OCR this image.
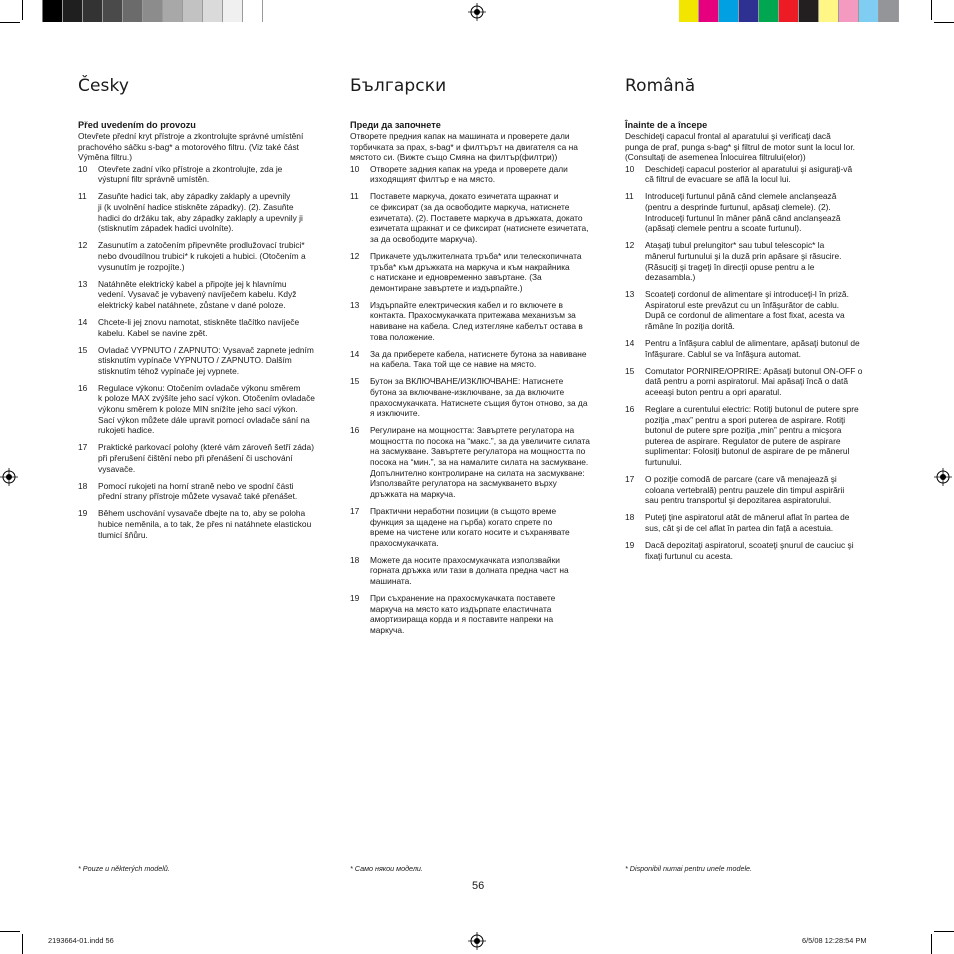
Česky
Před uvedením do provozu
Otevřete přední kryt přístroje a zkontrolujte správné umístění
prachového sáčku s-bag* a motorového filtru. (Viz také část
Výměna filtru.)
10	Otevřete zadní víko přístroje a zkontrolujte, zda je
výstupní filtr správně umístěn.
11	Zasuňte hadici tak, aby západky zaklaply a upevnily
ji (k uvolnění hadice stiskněte západky). (2). Zasuňte
hadici do držáku tak, aby západky zaklaply a upevnily ji
(stisknutím západek hadici uvolníte).
12	Zasunutím a zatočením připevněte prodlužovací trubici*
nebo dvoudílnou trubici* k rukojeti a hubici. (Otočením a
vysunutím je rozpojíte.)
13	Natáhněte elektrický kabel a připojte jej k hlavnímu
vedení. Vysavač je vybavený navíječem kabelu. Když
elektrický kabel natáhnete, zůstane v dané poloze.
14	Chcete-li jej znovu namotat, stiskněte tlačítko navíječe
kabelu. Kabel se navine zpět.
15	Ovladač VYPNUTO / ZAPNUTO: Vysavač zapnete jedním
stisknutím vypínače VYPNUTO / ZAPNUTO. Dalším
stisknutím téhož vypínače jej vypnete.
16	Regulace výkonu: Otočením ovladače výkonu směrem
k poloze MAX zvýšíte jeho sací výkon. Otočením ovladače
výkonu směrem k poloze MIN snížíte jeho sací výkon.
Sací výkon můžete dále upravit pomocí ovladače sání na
rukojeti hadice.
17	Praktické parkovací polohy (které vám zároveň šetří záda)
při přerušení čištění nebo při přenášení či uschování
vysavače.
18	Pomocí rukojeti na horní straně nebo ve spodní části
přední strany přístroje můžete vysavač také přenášet.
19	Během uschování vysavače dbejte na to, aby se poloha
hubice neměnila, a to tak, že přes ni natáhnete elastickou
tlumicí šňůru.
Български
Преди да започнете
Отворете предния капак на машината и проверете дали
торбичката за прах, s-bag* и филтърът на двигателя са на
мястото си. (Вижте също Смяна на филтър(филтри))
10	Отворете задния капак на уреда и проверете дали
изходящият филтър е на място.
11	Поставете маркуча, докато езичетата щракнат и
се фиксират (за да освободите маркуча, натиснете
езичетата). (2). Поставете маркуча в дръжката, докато
езичетата щракнат и се фиксират (натиснете езичетата,
за да освободите маркуча).
12	Прикачете удължителната тръба* или телескопичната
тръба* към дръжката на маркуча и към накрайника
с натискане и едновременно завъртане. (За
демонтиране завъртете и издърпайте.)
13	Издърпайте електрическия кабел и го включете в
контакта. Прахосмукачката притежава механизъм за
навиване на кабела. След изтегляне кабелът остава в
това положение.
14	За да приберете кабела, натиснете бутона за навиване
на кабела. Така той ще се навие на място.
15	Бутон за ВКЛЮЧВАНЕ/ИЗКЛЮЧВАНЕ: Натиснете
бутона за включване-изключване, за да включите
прахосмукачката. Натиснете същия бутон отново, за да
я изключите.
16	Регулиране на мощността: Завъртете регулатора на
мощността по посока на “макс.”, за да увеличите силата
на засмукване. Завъртете регулатора на мощността по
посока на “мин.”, за на намалите силата на засмукване.
Допълнително контролиране на силата на засмукване:
Използвайте регулатора на засмукването върху
дръжката на маркуча.
17	Практични неработни позиции (в същото време
функция за щадене на гърба) когато спрете по
време на чистене или когато носите и съхранявате
прахосмукачката.
18	Можете да носите прахосмукачката използвайки
горната дръжка или тази в долната предна част на
машината.
19	При съхранение на прахосмукачката поставете
маркуча на място като издърпате еластичната
амортизираща корда и я поставите напреки на
маркуча.
Română
Înainte de a începe
Deschideţi capacul frontal al aparatului şi verificaţi dacă
punga de praf, punga s-bag* şi filtrul de motor sunt la locul lor.
(Consultaţi de asemenea Înlocuirea filtrului(elor))
10	Deschideţi capacul posterior al aparatului şi asiguraţi-vă
că filtrul de evacuare se află la locul lui.
11	Introduceţi furtunul până când clemele anclanşează
(pentru a desprinde furtunul, apăsaţi clemele). (2).
Introduceţi furtunul în mâner până când anclanşează
(apăsaţi clemele pentru a scoate furtunul).
12	Ataşaţi tubul prelungitor* sau tubul telescopic* la
mânerul furtunului şi la duză prin apăsare şi răsucire.
(Răsuciţi şi trageţi în direcţii opuse pentru a le
dezasambla.)
13	Scoateţi cordonul de alimentare şi introduceţi-l în priză.
Aspiratorul este prevăzut cu un înfăşurător de cablu.
După ce cordonul de alimentare a fost fixat, acesta va
rămâne în poziţia dorită.
14	Pentru a înfăşura cablul de alimentare, apăsaţi butonul de
înfăşurare. Cablul se va înfăşura automat.
15	Comutator PORNIRE/OPRIRE: Apăsaţi butonul ON-OFF o
dată pentru a porni aspiratorul. Mai apăsaţi încă o dată
aceeaşi buton pentru a opri aparatul.
16	Reglare a curentului electric: Rotiţi butonul de putere spre
poziţia „max” pentru a spori puterea de aspirare. Rotiţi
butonul de putere spre poziţia „min” pentru a micşora
puterea de aspirare. Regulator de putere de aspirare
suplimentar: Folosiţi butonul de aspirare de pe mânerul
furtunului.
17	O poziţie comodă de parcare (care vă menajează şi
coloana vertebrală) pentru pauzele din timpul aspirării
sau pentru transportul şi depozitarea aspiratorului.
18	Puteţi ţine aspiratorul atât de mânerul aflat în partea de
sus, cât şi de cel aflat în partea din faţă a acestuia.
19	Dacă depozitaţi aspiratorul, scoateţi şnurul de cauciuc şi
fixaţi furtunul cu acesta.
* Pouze u některých modelů.	* Само някои модели.	* Disponibil numai pentru unele modele.
56
2193664-01.indd 56	6/5/08 12:28:54 PM
